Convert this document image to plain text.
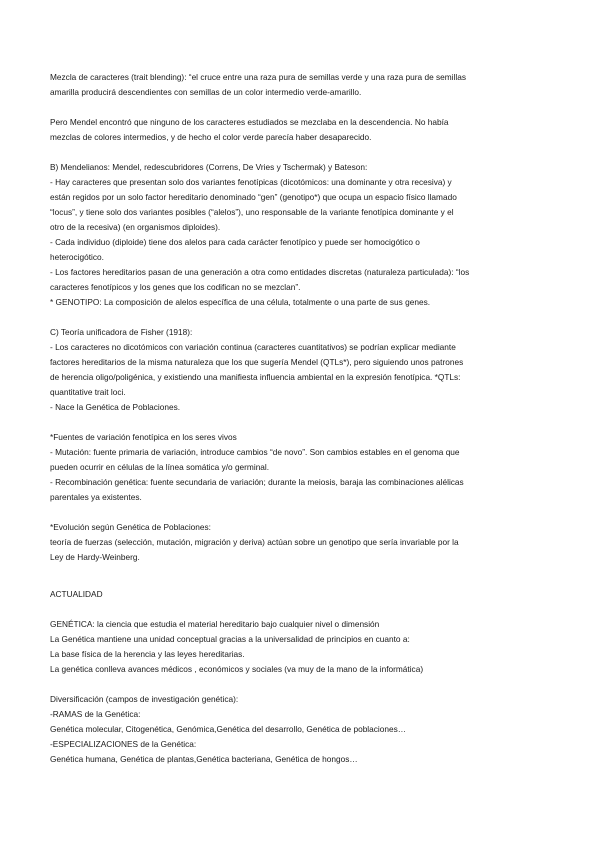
Mezcla de caracteres (trait blending): “el cruce entre una raza pura de semillas verde y una raza pura de semillas
amarilla producirá descendientes con semillas de un color intermedio verde-amarillo.
Pero Mendel encontró que ninguno de los caracteres estudiados se mezclaba en la descendencia. No había
mezclas de colores intermedios, y de hecho el color verde parecía haber desaparecido.
B) Mendelianos: Mendel, redescubridores (Correns, De Vries y Tschermak) y Bateson:
- Hay caracteres que presentan solo dos variantes fenotípicas (dicotómicos: una dominante y otra recesiva) y
están regidos por un solo factor hereditario denominado “gen” (genotipo*) que ocupa un espacio físico llamado
“locus”, y tiene solo dos variantes posibles (“alelos”), uno responsable de la variante fenotípica dominante y el
otro de la recesiva) (en organismos diploides).
- Cada individuo (diploide) tiene dos alelos para cada carácter fenotípico y puede ser homocigótico o
heterocigótico.
- Los factores hereditarios pasan de una generación a otra como entidades discretas (naturaleza particulada): “los
caracteres fenotípicos y los genes que los codifican no se mezclan”.
* GENOTIPO: La composición de alelos específica de una célula, totalmente o una parte de sus genes.
C) Teoría unificadora de Fisher (1918):
- Los caracteres no dicotómicos con variación continua (caracteres cuantitativos) se podrían explicar mediante
factores hereditarios de la misma naturaleza que los que sugería Mendel (QTLs*), pero siguiendo unos patrones
de herencia oligo/poligénica, y existiendo una manifiesta influencia ambiental en la expresión fenotípica. *QTLs:
quantitative trait loci.
- Nace la Genética de Poblaciones.
*Fuentes de variación fenotípica en los seres vivos
- Mutación: fuente primaria de variación, introduce cambios “de novo”. Son cambios estables en el genoma que
pueden ocurrir en células de la línea somática y/o germinal.
- Recombinación genética: fuente secundaria de variación; durante la meiosis, baraja las combinaciones alélicas
parentales ya existentes.
*Evolución según Genética de Poblaciones:
teoría de fuerzas (selección, mutación, migración y deriva) actúan sobre un genotipo que sería invariable por la
Ley de Hardy-Weinberg.
ACTUALIDAD
GENÉTICA: la ciencia que estudia el material hereditario bajo cualquier nivel o dimensión
La Genética mantiene una unidad conceptual gracias a la universalidad de principios en cuanto a:
La base física de la herencia y las leyes hereditarias.
La genética conlleva avances médicos , económicos y sociales (va muy de la mano de la informática)
Diversificación (campos de investigación genética):
-RAMAS de la Genética:
Genética molecular, Citogenética, Genómica,Genética del desarrollo, Genética de poblaciones…
-ESPECIALIZACIONES de la Genética:
Genética humana, Genética de plantas,Genética bacteriana, Genética de hongos…
